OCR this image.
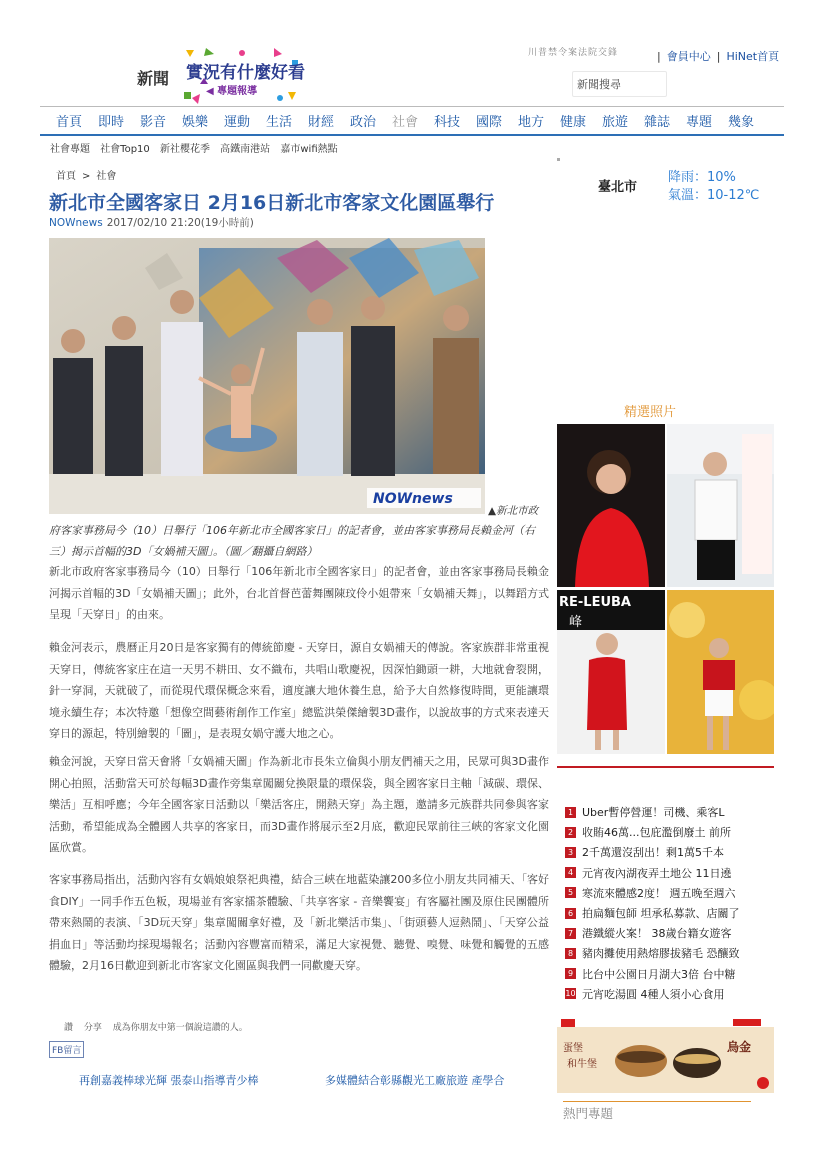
新聞 實況有什麼好看
◀ 專題報導
川普禁令案法院交鋒	| 會員中心 | HiNet首頁
新聞搜尋
首頁	即時	影音	娛樂	運動	生活	財經	政治	社會	科技	國際	地方	健康	旅遊	雜誌	專題	幾象
社會專題 社會Top10 新社櫻花季 高鐵南港站 嘉市wifi熱點
首頁 > 社會
新北市全國客家日 2月16日新北市客家文化園區舉行
NOWnews 2017/02/10 21:20(19小時前)
NOWnews
▲新北市政

府客家事務局今（10）日舉行「106年新北市全國客家日」的記者會，並由客家事務局長賴金河（右三）揭示首幅的3D「女媧補天圖」。（圖／翻攝自網路）

新北市政府客家事務局今（10）日舉行「106年新北市全國客家日」的記者會，並由客家事務局長賴金河揭示首幅的3D「女媧補天圖」；此外，台北首督芭蕾舞團陳玟伶小姐帶來「女媧補天舞」，以舞蹈方式呈現「天穿日」的由來。

賴金河表示，農曆正月20日是客家獨有的傳統節慶 - 天穿日，源自女媧補天的傳說。客家族群非常重視天穿日，傳統客家庄在這一天男不耕田、女不織布，共唱山歌慶祝，因深怕鋤頭一耕，大地就會裂開，針一穿洞，天就破了，而從現代環保概念來看，適度讓大地休養生息，給予大自然修復時間，更能讓環境永續生存；本次特邀「想像空間藝術創作工作室」總監洪榮傑繪製3D畫作，以說故事的方式來表達天穿日的源起，特別繪製的「圖」，是表現女媧守護大地之心。

賴金河說，天穿日當天會將「女媧補天圖」作為新北市長朱立倫與小朋友們補天之用，民眾可與3D畫作開心拍照，活動當天可於每幅3D畫作旁集章闖關兌換限量的環保袋，與全國客家日主軸「減碳、環保、樂活」互相呼應；今年全國客家日活動以「樂活客庄，開熱天穿」為主題，邀請多元族群共同參與客家活動，希望能成為全體國人共享的客家日，而3D畫作將展示至2月底，歡迎民眾前往三峽的客家文化園區欣賞。

客家事務局指出，活動內容有女媧娘娘祭祀典禮，結合三峽在地藍染讓200多位小朋友共同補天、「客好食DIY」一同手作五色粄，現場並有客家擂茶體驗、「共享客家 - 音樂饗宴」有客屬社團及原住民團體所帶來熱鬧的表演、「3D玩天穿」集章闖關拿好禮，及「新北樂活市集」、「街頭藝人逗熱鬧」、「天穿公益捐血日」等活動均採現場報名；活動內容豐富而精采，滿足大家視覺、聽覺、嗅覺、味覺和觸覺的五感體驗，2月16日歡迎到新北市客家文化園區與我們一同歡慶天穿。

讚 分享 成為你朋友中第一個說這讚的人。
FB留言
再創嘉義棒球光輝 張泰山指導青少棒	多媒體結合彰縣觀光工廠旅遊 產學合
臺北市
降雨：10%
氣溫：10-12℃
精選照片
RE-LEUBA
峰
1 Uber暫停營運！司機、乘客L
2 收賄46萬...包庇濫倒廢土 前所
3 2千萬還沒刮出！剩1萬5千本
4 元宵夜內湖夜弄土地公 11日遶
5 寒流來體感2度！ 週五晚至週六
6 拍扁麵包師 坦承私募款、店關了
7 港鐵縱火案！ 38歲台籍女遊客
8 豬肉攤使用熱熔膠拔豬毛 恐釀致
9 比台中公園日月湖大3倍 台中糖
10 元宵吃湯圓 4種人須小心食用
蛋堡
和牛堡
烏金
熱門專題
